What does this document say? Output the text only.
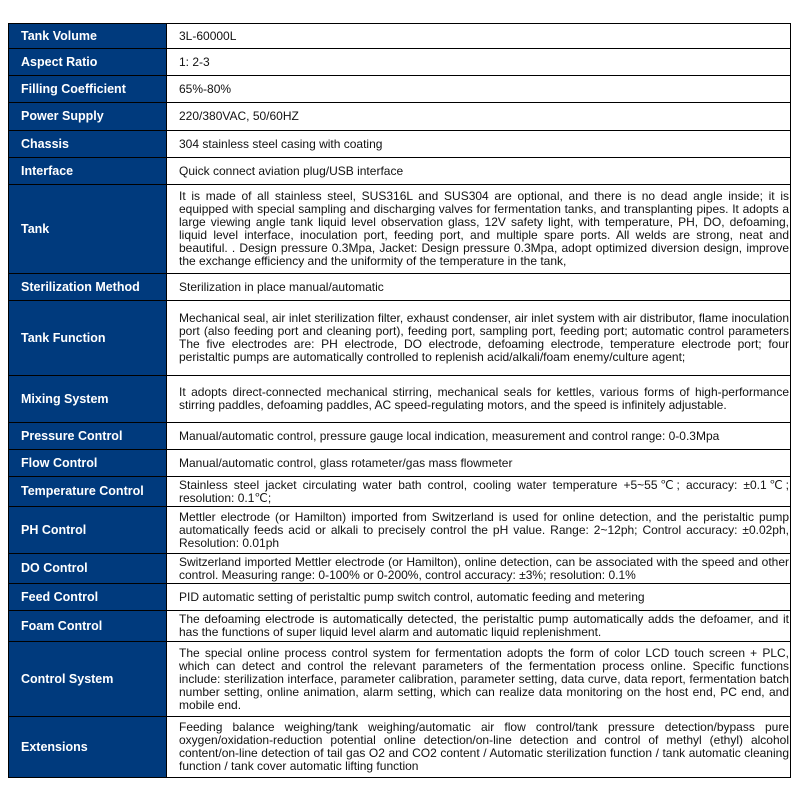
Tank Volume	3L-60000L
Aspect Ratio	1: 2-3
Filling Coefficient	65%-80%
Power Supply	220/380VAC, 50/60HZ
Chassis	304 stainless steel casing with coating
Interface	Quick connect aviation plug/USB interface
Tank	It is made of all stainless steel, SUS316L and SUS304 are optional, and there is no dead angle inside; it is equipped with special sampling and discharging valves for fermentation tanks, and transplanting pipes. It adopts a large viewing angle tank liquid level observation glass, 12V safety light, with temperature, PH, DO, defoaming, liquid level interface, inoculation port, feeding port, and multiple spare ports. All welds are strong, neat and beautiful. . Design pressure 0.3Mpa, Jacket: Design pressure 0.3Mpa, adopt optimized diversion design, improve the exchange efficiency and the uniformity of the temperature in the tank,
Sterilization Method	Sterilization in place manual/automatic
Tank Function	Mechanical seal, air inlet sterilization filter, exhaust condenser, air inlet system with air distributor, flame inoculation port (also feeding port and cleaning port), feeding port, sampling port, feeding port; automatic control parameters The five electrodes are: PH electrode, DO electrode, defoaming electrode, temperature electrode port; four peristaltic pumps are automatically controlled to replenish acid/alkali/foam enemy/culture agent;
Mixing System	It adopts direct-connected mechanical stirring, mechanical seals for kettles, various forms of high-performance stirring paddles, defoaming paddles, AC speed-regulating motors, and the speed is infinitely adjustable.
Pressure Control	Manual/automatic control, pressure gauge local indication, measurement and control range: 0-0.3Mpa
Flow Control	Manual/automatic control, glass rotameter/gas mass flowmeter
Temperature Control	Stainless steel jacket circulating water bath control, cooling water temperature +5~55℃; accuracy: ±0.1℃; resolution: 0.1℃;
PH Control	Mettler electrode (or Hamilton) imported from Switzerland is used for online detection, and the peristaltic pump automatically feeds acid or alkali to precisely control the pH value. Range: 2~12ph; Control accuracy: ±0.02ph, Resolution: 0.01ph
DO Control	Switzerland imported Mettler electrode (or Hamilton), online detection, can be associated with the speed and other control. Measuring range: 0-100% or 0-200%, control accuracy: ±3%; resolution: 0.1%
Feed Control	PID automatic setting of peristaltic pump switch control, automatic feeding and metering
Foam Control	The defoaming electrode is automatically detected, the peristaltic pump automatically adds the defoamer, and it has the functions of super liquid level alarm and automatic liquid replenishment.
Control System	The special online process control system for fermentation adopts the form of color LCD touch screen + PLC, which can detect and control the relevant parameters of the fermentation process online. Specific functions include: sterilization interface, parameter calibration, parameter setting, data curve, data report, fermentation batch number setting, online animation, alarm setting, which can realize data monitoring on the host end, PC end, and mobile end.
Extensions	Feeding balance weighing/tank weighing/automatic air flow control/tank pressure detection/bypass pure oxygen/oxidation-reduction potential online detection/on-line detection and control of methyl (ethyl) alcohol content/on-line detection of tail gas O2 and CO2 content / Automatic sterilization function / tank automatic cleaning function / tank cover automatic lifting function
